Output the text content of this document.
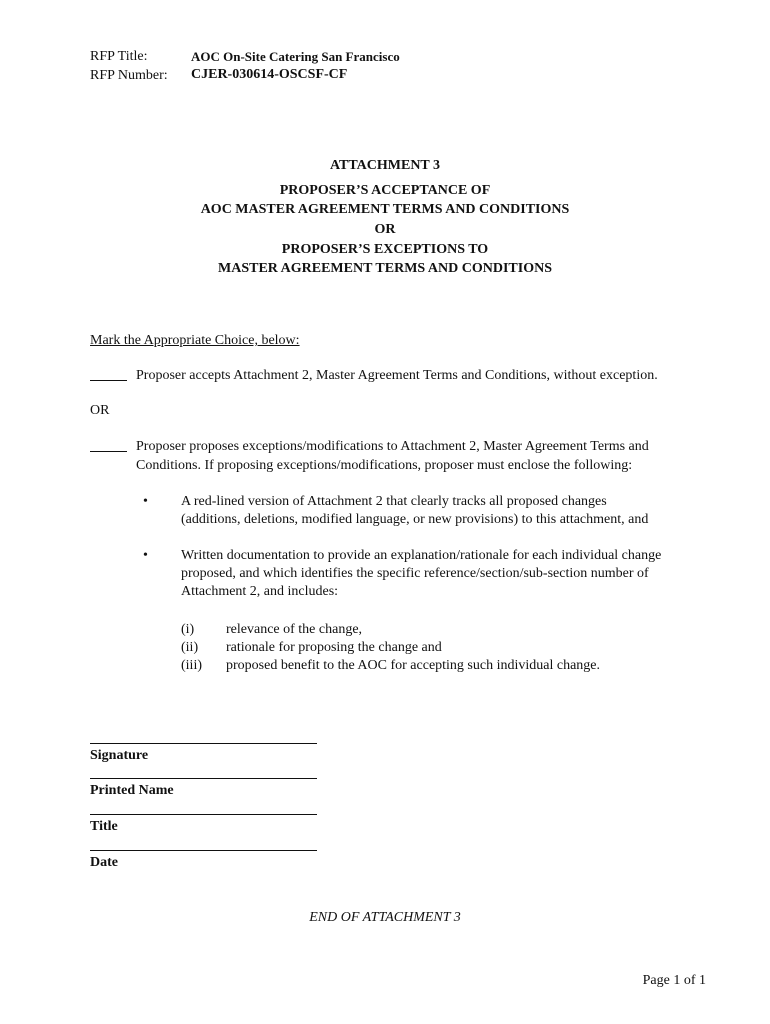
RFP Title:	AOC On-Site Catering San Francisco
RFP Number: CJER-030614-OSCSF-CF
ATTACHMENT 3
PROPOSER’S ACCEPTANCE OF
AOC MASTER AGREEMENT TERMS AND CONDITIONS
OR
PROPOSER’S EXCEPTIONS TO
MASTER AGREEMENT TERMS AND CONDITIONS
Mark the Appropriate Choice, below:
Proposer accepts Attachment 2, Master Agreement Terms and Conditions, without exception.
OR
Proposer proposes exceptions/modifications to Attachment 2, Master Agreement Terms and
Conditions. If proposing exceptions/modifications, proposer must enclose the following:
• A red-lined version of Attachment 2 that clearly tracks all proposed changes
(additions, deletions, modified language, or new provisions) to this attachment, and
• Written documentation to provide an explanation/rationale for each individual change
proposed, and which identifies the specific reference/section/sub-section number of
Attachment 2, and includes:
(i) relevance of the change,
(ii) rationale for proposing the change and
(iii) proposed benefit to the AOC for accepting such individual change.
Signature
Printed Name
Title
Date
END OF ATTACHMENT 3
Page 1 of 1
